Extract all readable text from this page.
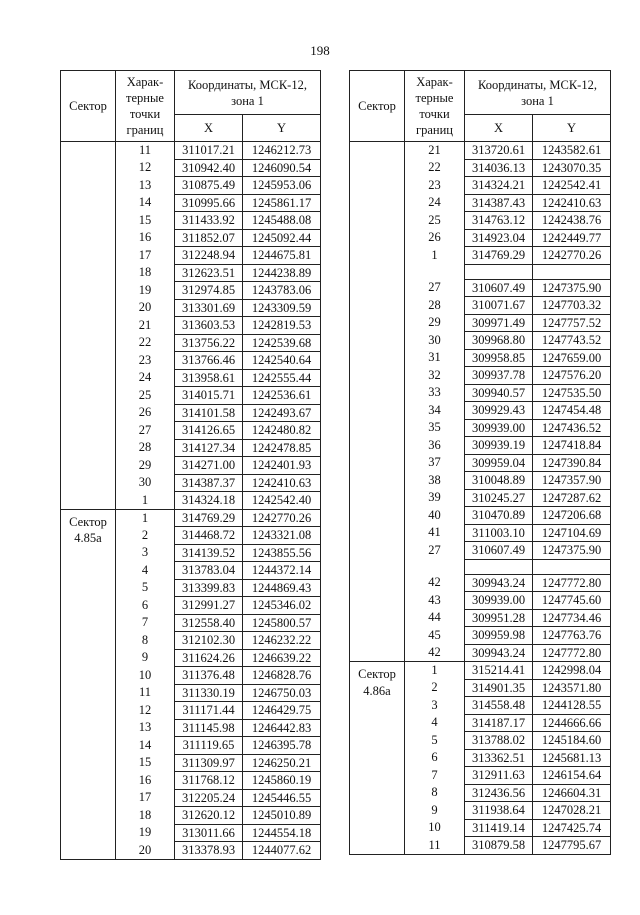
198
Сектор	Харак-терные точки границ	Координаты, МСК-12, зона 1	
		X	Y
	11	311017.21	1246212.73
	12	310942.40	1246090.54
	13	310875.49	1245953.06
	14	310995.66	1245861.17
	15	311433.92	1245488.08
	16	311852.07	1245092.44
	17	312248.94	1244675.81
	18	312623.51	1244238.89
	19	312974.85	1243783.06
	20	313301.69	1243309.59
	21	313603.53	1242819.53
	22	313756.22	1242539.68
	23	313766.46	1242540.64
	24	313958.61	1242555.44
	25	314015.71	1242536.61
	26	314101.58	1242493.67
	27	314126.65	1242480.82
	28	314127.34	1242478.85
	29	314271.00	1242401.93
	30	314387.37	1242410.63
	1	314324.18	1242542.40
Сектор 4.85а	1	314769.29	1242770.26
	2	314468.72	1243321.08
	3	314139.52	1243855.56
	4	313783.04	1244372.14
	5	313399.83	1244869.43
	6	312991.27	1245346.02
	7	312558.40	1245800.57
	8	312102.30	1246232.22
	9	311624.26	1246639.22
	10	311376.48	1246828.76
	11	311330.19	1246750.03
	12	311171.44	1246429.75
	13	311145.98	1246442.83
	14	311119.65	1246395.78
	15	311309.97	1246250.21
	16	311768.12	1245860.19
	17	312205.24	1245446.55
	18	312620.12	1245010.89
	19	313011.66	1244554.18
	20	313378.93	1244077.62
Сектор	Харак-терные точки границ	Координаты, МСК-12, зона 1	
		X	Y
	21	313720.61	1243582.61
	22	314036.13	1243070.35
	23	314324.21	1242542.41
	24	314387.43	1242410.63
	25	314763.12	1242438.76
	26	314923.04	1242449.77
	1	314769.29	1242770.26

	27	310607.49	1247375.90
	28	310071.67	1247703.32
	29	309971.49	1247757.52
	30	309968.80	1247743.52
	31	309958.85	1247659.00
	32	309937.78	1247576.20
	33	309940.57	1247535.50
	34	309929.43	1247454.48
	35	309939.00	1247436.52
	36	309939.19	1247418.84
	37	309959.04	1247390.84
	38	310048.89	1247357.90
	39	310245.27	1247287.62
	40	310470.89	1247206.68
	41	311003.10	1247104.69
	27	310607.49	1247375.90

	42	309943.24	1247772.80
	43	309939.00	1247745.60
	44	309951.28	1247734.46
	45	309959.98	1247763.76
	42	309943.24	1247772.80
Сектор 4.86а	1	315214.41	1242998.04
	2	314901.35	1243571.80
	3	314558.48	1244128.55
	4	314187.17	1244666.66
	5	313788.02	1245184.60
	6	313362.51	1245681.13
	7	312911.63	1246154.64
	8	312436.56	1246604.31
	9	311938.64	1247028.21
	10	311419.14	1247425.74
	11	310879.58	1247795.67
